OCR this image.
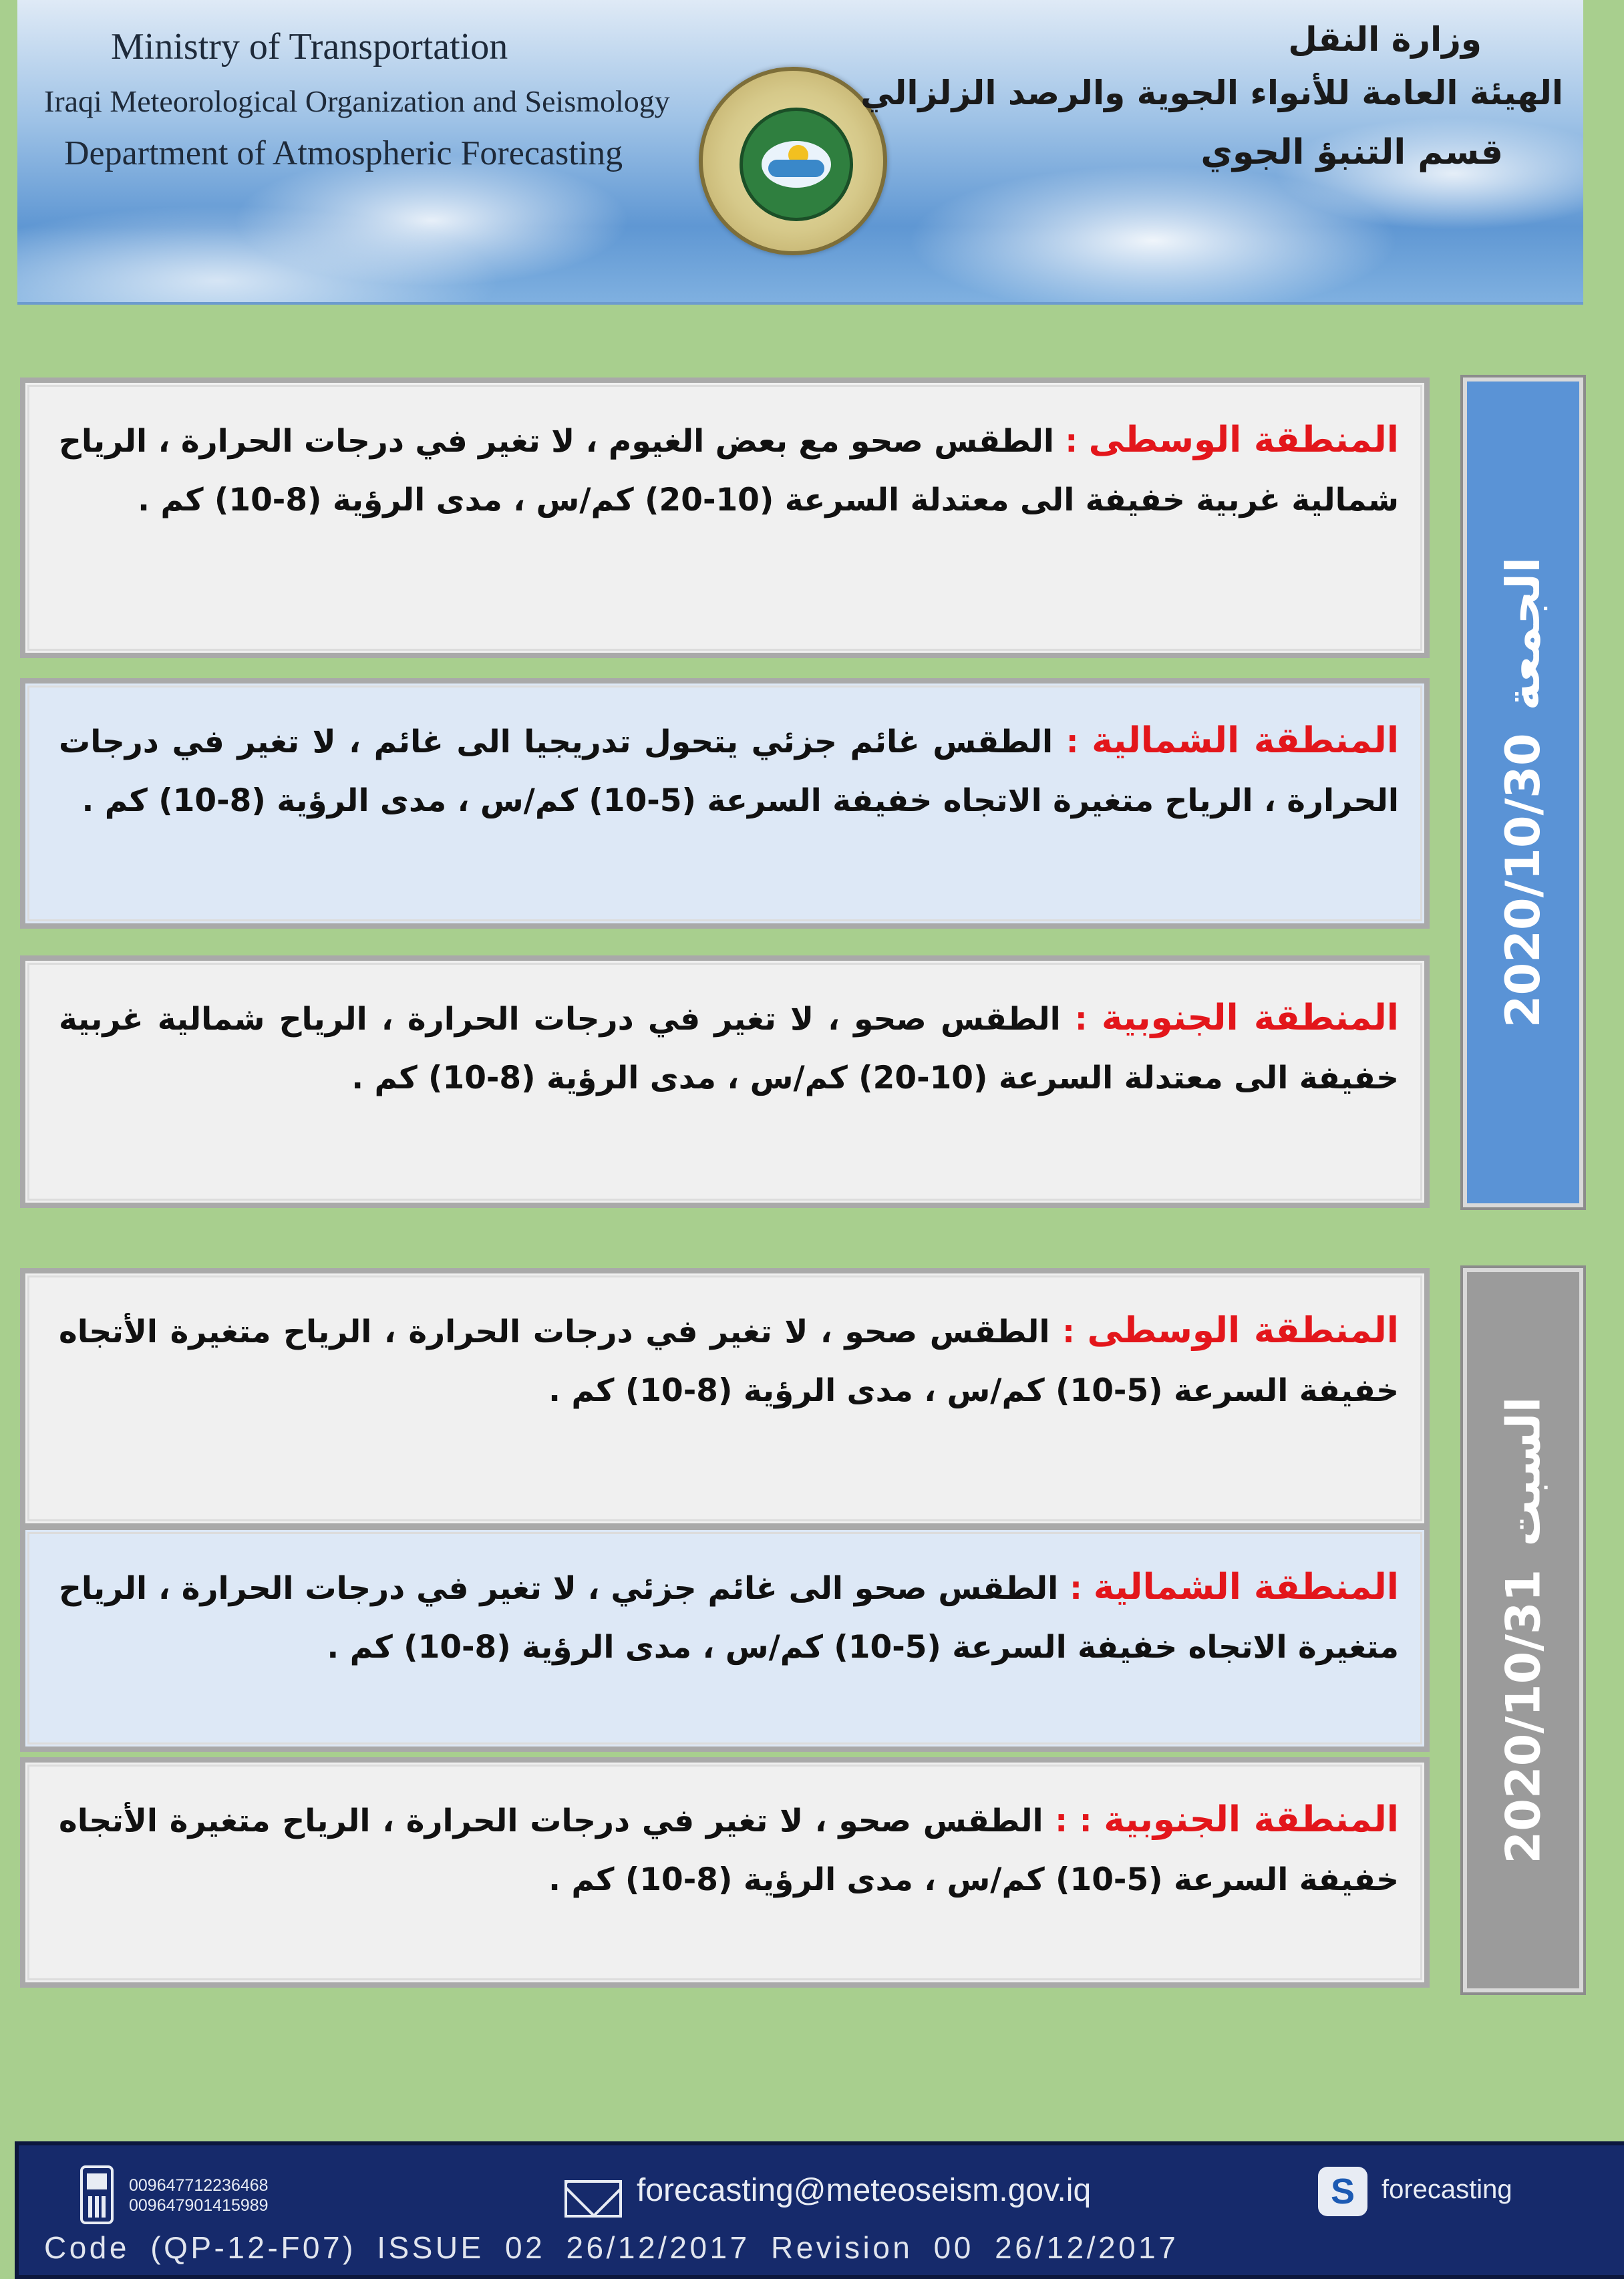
Ministry of Transportation
Iraqi Meteorological Organization and Seismology
Department of Atmospheric Forecasting
وزارة النقل
الهيئة العامة للأنواء الجوية والرصد الزلزالي
قسم التنبؤ الجوي
المنطقة الوسطى : الطقس صحو مع بعض الغيوم ، لا تغير في درجات الحرارة ، الرياح شمالية غربية خفيفة الى معتدلة السرعة (10-20) كم/س ، مدى الرؤية (8-10) كم .
المنطقة الشمالية : الطقس غائم جزئي يتحول تدريجيا الى غائم ، لا تغير في درجات الحرارة ، الرياح متغيرة الاتجاه خفيفة السرعة (5-10) كم/س ، مدى الرؤية (8-10) كم .
المنطقة الجنوبية : الطقس صحو ، لا تغير في درجات الحرارة ، الرياح شمالية غربية خفيفة الى معتدلة السرعة (10-20) كم/س ، مدى الرؤية (8-10) كم .
الجمعة
2020/10/30
المنطقة الوسطى : الطقس صحو ، لا تغير في درجات الحرارة ، الرياح متغيرة الأتجاه خفيفة السرعة (5-10) كم/س ، مدى الرؤية (8-10) كم .
المنطقة الشمالية : الطقس صحو الى غائم جزئي ، لا تغير في درجات الحرارة ، الرياح متغيرة الاتجاه خفيفة السرعة (5-10) كم/س ، مدى الرؤية (8-10) كم .
المنطقة الجنوبية : : الطقس صحو ، لا تغير في درجات الحرارة ، الرياح متغيرة الأتجاه خفيفة السرعة (5-10) كم/س ، مدى الرؤية (8-10) كم .
السبت
2020/10/31
009647712236468
009647901415989	forecasting@meteoseism.gov.iq	S forecasting
Code (QP-12-F07) ISSUE 02 26/12/2017 Revision 00 26/12/2017
